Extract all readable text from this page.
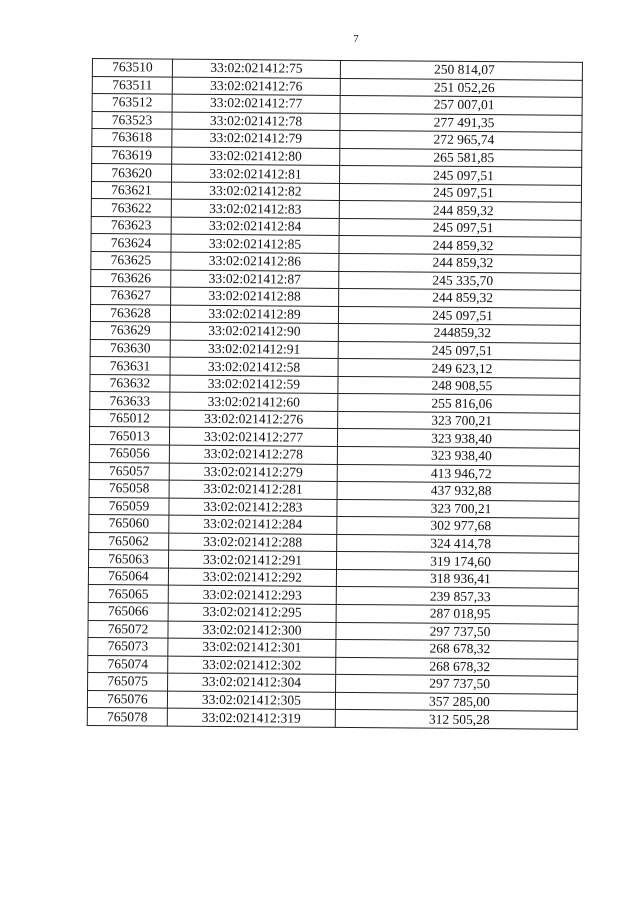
7
763510	33:02:021412:75	250 814,07
763511	33:02:021412:76	251 052,26
763512	33:02:021412:77	257 007,01
763523	33:02:021412:78	277 491,35
763618	33:02:021412:79	272 965,74
763619	33:02:021412:80	265 581,85
763620	33:02:021412:81	245 097,51
763621	33:02:021412:82	245 097,51
763622	33:02:021412:83	244 859,32
763623	33:02:021412:84	245 097,51
763624	33:02:021412:85	244 859,32
763625	33:02:021412:86	244 859,32
763626	33:02:021412:87	245 335,70
763627	33:02:021412:88	244 859,32
763628	33:02:021412:89	245 097,51
763629	33:02:021412:90	244859,32
763630	33:02:021412:91	245 097,51
763631	33:02:021412:58	249 623,12
763632	33:02:021412:59	248 908,55
763633	33:02:021412:60	255 816,06
765012	33:02:021412:276	323 700,21
765013	33:02:021412:277	323 938,40
765056	33:02:021412:278	323 938,40
765057	33:02:021412:279	413 946,72
765058	33:02:021412:281	437 932,88
765059	33:02:021412:283	323 700,21
765060	33:02:021412:284	302 977,68
765062	33:02:021412:288	324 414,78
765063	33:02:021412:291	319 174,60
765064	33:02:021412:292	318 936,41
765065	33:02:021412:293	239 857,33
765066	33:02:021412:295	287 018,95
765072	33:02:021412:300	297 737,50
765073	33:02:021412:301	268 678,32
765074	33:02:021412:302	268 678,32
765075	33:02:021412:304	297 737,50
765076	33:02:021412:305	357 285,00
765078	33:02:021412:319	312 505,28
